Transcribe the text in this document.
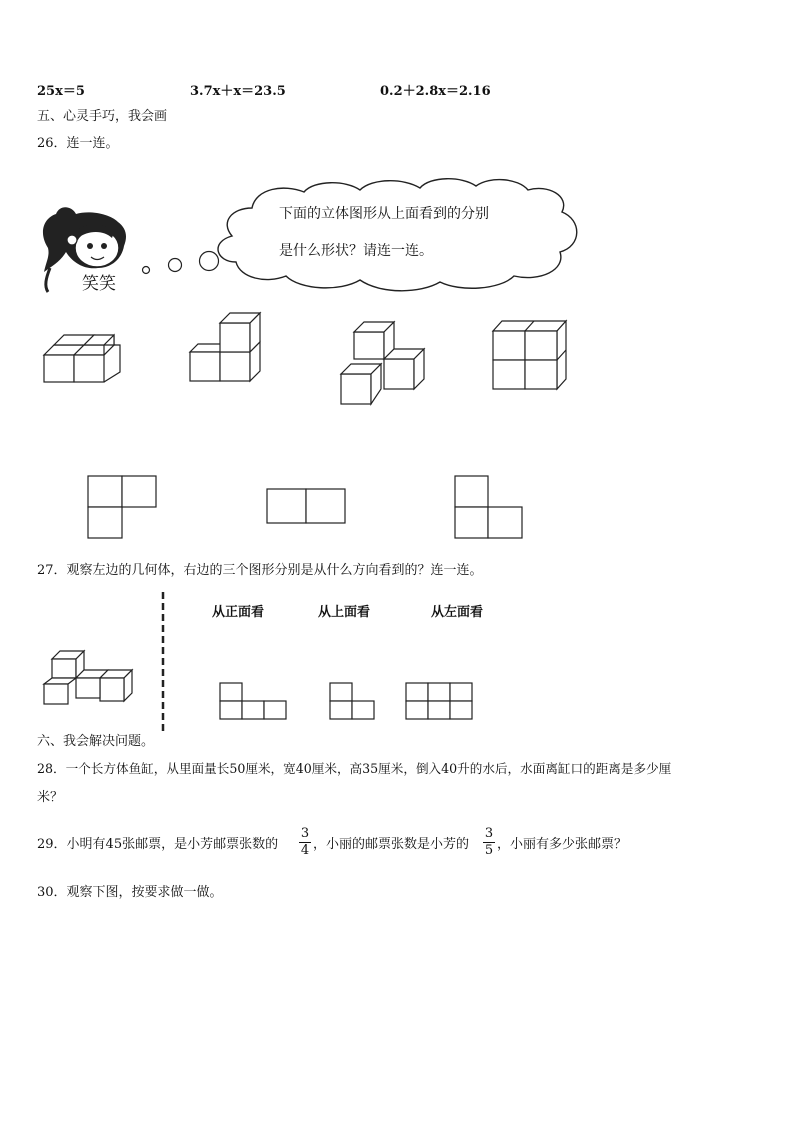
25x＝5	3.7x＋x＝23.5	0.2＋2.8x＝2.16
五、心灵手巧，我会画
26．连一连。
下面的立体图形从上面看到的分别
是什么形状？请连一连。
笑笑
27．观察左边的几何体，右边的三个图形分别是从什么方向看到的？连一连。
从正面看	从上面看	从左面看
六、我会解决问题。
28．一个长方体鱼缸，从里面量长50厘米，宽40厘米，高35厘米，倒入40升的水后，水面离缸口的距离是多少厘
米？
29．小明有45张邮票，是小芳邮票张数的
3
4 ，小丽的邮票张数是小芳的
3
5 ，小丽有多少张邮票？
30．观察下图，按要求做一做。
